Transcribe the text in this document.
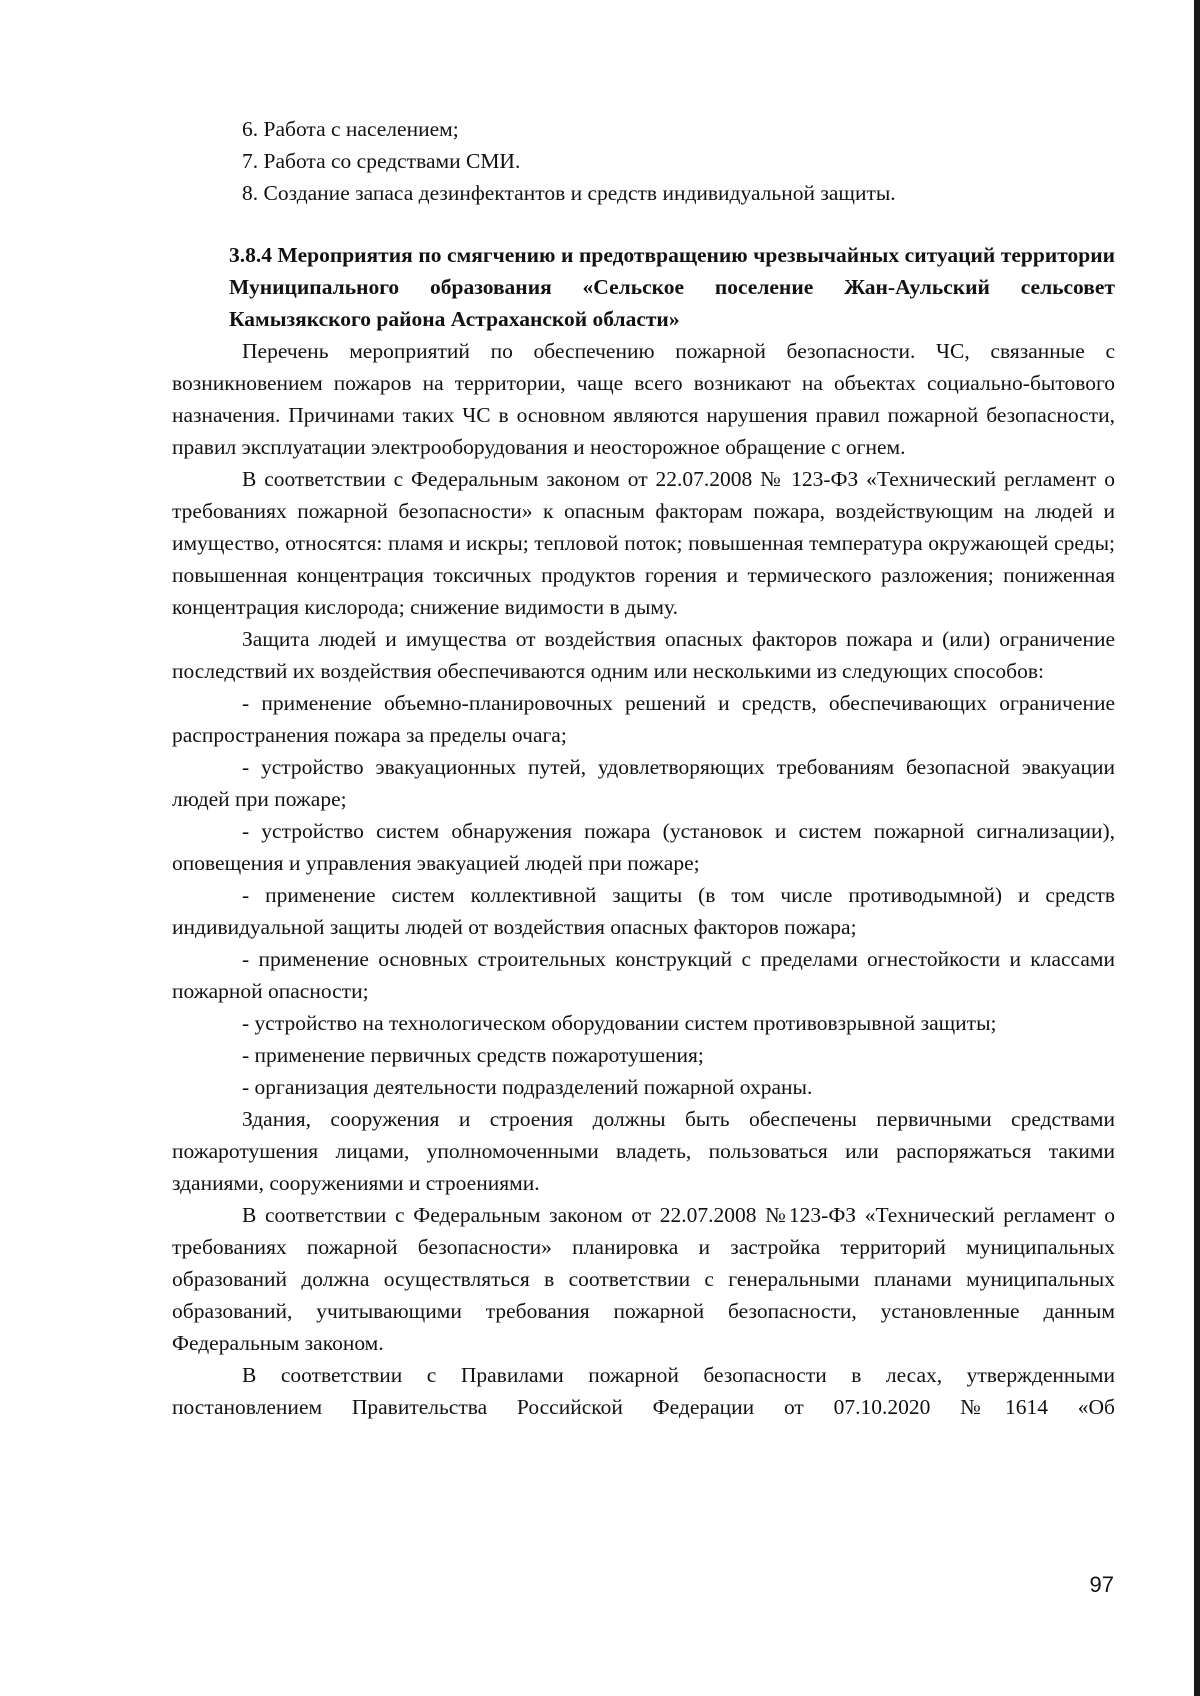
6. Работа с населением;
7. Работа со средствами СМИ.
8. Создание запаса дезинфектантов и средств индивидуальной защиты.

3.8.4 Мероприятия по смягчению и предотвращению чрезвычайных ситуаций территории Муниципального образования «Сельское поселение Жан-Аульский сельсовет Камызякского района Астраханской области»

Перечень мероприятий по обеспечению пожарной безопасности. ЧС, связанные с возникновением пожаров на территории, чаще всего возникают на объектах социально-бытового назначения. Причинами таких ЧС в основном являются нарушения правил пожарной безопасности, правил эксплуатации электрооборудования и неосторожное обращение с огнем.

В соответствии с Федеральным законом от 22.07.2008 № 123-ФЗ «Технический регламент о требованиях пожарной безопасности» к опасным факторам пожара, воздействующим на людей и имущество, относятся: пламя и искры; тепловой поток; повышенная температура окружающей среды; повышенная концентрация токсичных продуктов горения и термического разложения; пониженная концентрация кислорода; снижение видимости в дыму.

Защита людей и имущества от воздействия опасных факторов пожара и (или) ограничение последствий их воздействия обеспечиваются одним или несколькими из следующих способов:

- применение объемно-планировочных решений и средств, обеспечивающих ограничение распространения пожара за пределы очага;

- устройство эвакуационных путей, удовлетворяющих требованиям безопасной эвакуации людей при пожаре;

- устройство систем обнаружения пожара (установок и систем пожарной сигнализации), оповещения и управления эвакуацией людей при пожаре;

- применение систем коллективной защиты (в том числе противодымной) и средств индивидуальной защиты людей от воздействия опасных факторов пожара;

- применение основных строительных конструкций с пределами огнестойкости и классами пожарной опасности;

- устройство на технологическом оборудовании систем противовзрывной защиты;

- применение первичных средств пожаротушения;

- организация деятельности подразделений пожарной охраны.

Здания, сооружения и строения должны быть обеспечены первичными средствами пожаротушения лицами, уполномоченными владеть, пользоваться или распоряжаться такими зданиями, сооружениями и строениями.

В соответствии с Федеральным законом от 22.07.2008 №123-ФЗ «Технический регламент о требованиях пожарной безопасности» планировка и застройка территорий муниципальных образований должна осуществляться в соответствии с генеральными планами муниципальных образований, учитывающими требования пожарной безопасности, установленные данным Федеральным законом.

В соответствии с Правилами пожарной безопасности в лесах, утвержденными постановлением Правительства Российской Федерации от 07.10.2020 №1614 «Об

97
